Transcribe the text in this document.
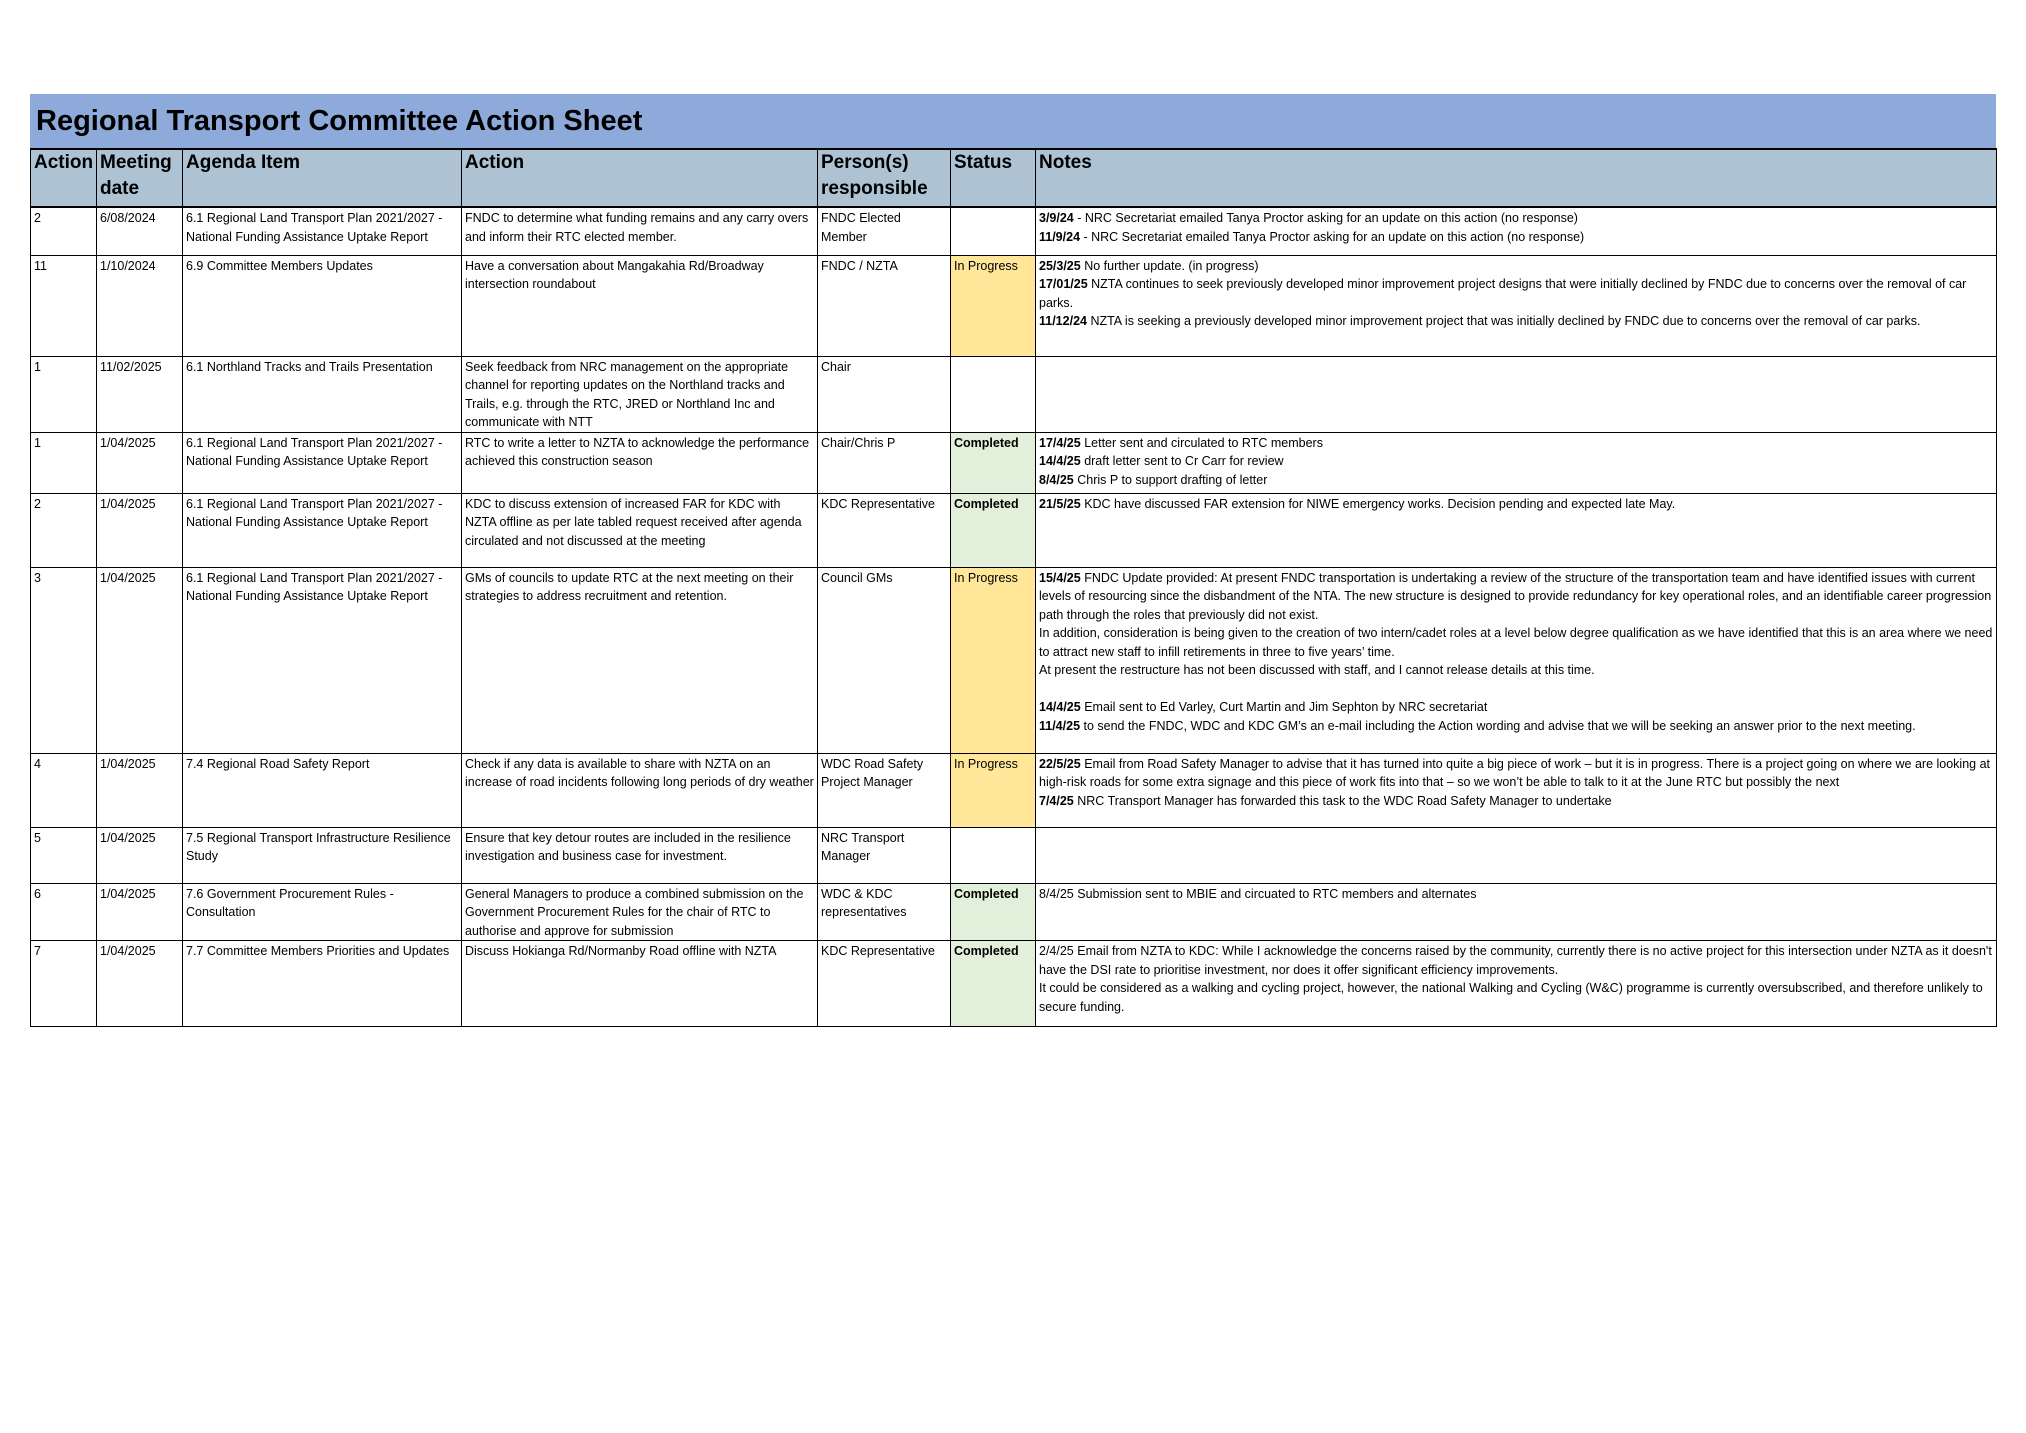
Regional Transport Committee Action Sheet
Action	Meeting date	Agenda Item	Action	Person(s) responsible	Status	Notes
2	6/08/2024	6.1 Regional Land Transport Plan 2021/2027 - National Funding Assistance Uptake Report	FNDC to determine what funding remains and any carry overs and inform their RTC elected member.	FNDC Elected Member		3/9/24 - NRC Secretariat emailed Tanya Proctor asking for an update on this action (no response)
11/9/24 - NRC Secretariat emailed Tanya Proctor asking for an update on this action (no response)

11	1/10/2024	6.9 Committee Members Updates	Have a conversation about Mangakahia Rd/Broadway intersection roundabout	FNDC / NZTA	In Progress	25/3/25 No further update. (in progress)
17/01/25 NZTA continues to seek previously developed minor improvement project designs that were initially declined by FNDC due to concerns over the removal of car parks.
11/12/24 NZTA is seeking a previously developed minor improvement project that was initially declined by FNDC due to concerns over the removal of car parks.

1	11/02/2025	6.1 Northland Tracks and Trails Presentation	Seek feedback from NRC management on the appropriate channel for reporting updates on the Northland tracks and Trails, e.g. through the RTC, JRED or Northland Inc and communicate with NTT	Chair		
1	1/04/2025	6.1 Regional Land Transport Plan 2021/2027 - National Funding Assistance Uptake Report	RTC to write a letter to NZTA to acknowledge the performance achieved this construction season	Chair/Chris P	Completed	17/4/25 Letter sent and circulated to RTC members
14/4/25 draft letter sent to Cr Carr for review
8/4/25 Chris P to support drafting of letter

2	1/04/2025	6.1 Regional Land Transport Plan 2021/2027 - National Funding Assistance Uptake Report	KDC to discuss extension of increased FAR for KDC with NZTA offline as per late tabled request received after agenda circulated and not discussed at the meeting	KDC Representative	Completed	21/5/25 KDC have discussed FAR extension for NIWE emergency works. Decision pending and expected late May.

3	1/04/2025	6.1 Regional Land Transport Plan 2021/2027 - National Funding Assistance Uptake Report	GMs of councils to update RTC at the next meeting on their strategies to address recruitment and retention.	Council GMs	In Progress	15/4/25 FNDC Update provided: At present FNDC transportation is undertaking a review of the structure of the transportation team and have identified issues with current levels of resourcing since the disbandment of the NTA. The new structure is designed to provide redundancy for key operational roles, and an identifiable career progression path through the roles that previously did not exist.
In addition, consideration is being given to the creation of two intern/cadet roles at a level below degree qualification as we have identified that this is an area where we need to attract new staff to infill retirements in three to five years’ time.
At present the restructure has not been discussed with staff, and I cannot release details at this time.
14/4/25 Email sent to Ed Varley, Curt Martin and Jim Sephton by NRC secretariat
11/4/25 to send the FNDC, WDC and KDC GM’s an e-mail including the Action wording and advise that we will be seeking an answer prior to the next meeting.

4	1/04/2025	7.4 Regional Road Safety Report	Check if any data is available to share with NZTA on an increase of road incidents following long periods of dry weather	WDC Road Safety Project Manager	In Progress	22/5/25 Email from Road Safety Manager to advise that it has turned into quite a big piece of work – but it is in progress. There is a project going on where we are looking at high-risk roads for some extra signage and this piece of work fits into that – so we won’t be able to talk to it at the June RTC but possibly the next
7/4/25 NRC Transport Manager has forwarded this task to the WDC Road Safety Manager to undertake

5	1/04/2025	7.5 Regional Transport Infrastructure Resilience Study	Ensure that key detour routes are included in the resilience investigation and business case for investment.	NRC Transport Manager		
6	1/04/2025	7.6 Government Procurement Rules - Consultation	General Managers to produce a combined submission on the Government Procurement Rules for the chair of RTC to authorise and approve for submission	WDC & KDC representatives	Completed	8/4/25 Submission sent to MBIE and circuated to RTC members and alternates

7	1/04/2025	7.7 Committee Members Priorities and Updates	Discuss Hokianga Rd/Normanby Road offline with NZTA	KDC Representative	Completed	2/4/25 Email from NZTA to KDC: While I acknowledge the concerns raised by the community, currently there is no active project for this intersection under NZTA as it doesn't have the DSI rate to prioritise investment, nor does it offer significant efficiency improvements.
It could be considered as a walking and cycling project, however, the national Walking and Cycling (W&C) programme is currently oversubscribed, and therefore unlikely to secure funding.
